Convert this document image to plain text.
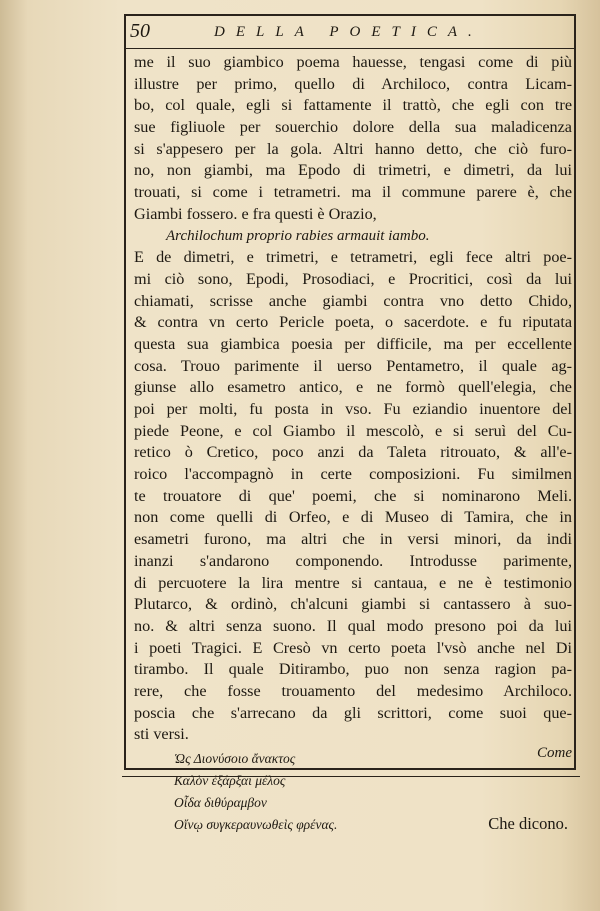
50	DELLA POETICA.
me il suo giambico poema hauesse, tengasi come di più
illustre per primo, quello di Archiloco, contra Licam-
bo, col quale, egli si fattamente il trattò, che egli con tre
sue figliuole per souerchio dolore della sua maladicenza
si s'appesero per la gola. Altri hanno detto, che ciò furo-
no, non giambi, ma Epodo di trimetri, e dimetri, da lui
trouati, si come i tetrametri. ma il commune parere è, che
Giambi fossero. e fra questi è Orazio,
Archilochum proprio rabies armauit iambo.
E de dimetri, e trimetri, e tetrametri, egli fece altri poe-
mi ciò sono, Epodi, Prosodiaci, e Procritici, così da lui
chiamati, scrisse anche giambi contra vno detto Chido,
& contra vn certo Pericle poeta, o sacerdote. e fu riputata
questa sua giambica poesia per difficile, ma per eccellente
cosa. Trouo parimente il uerso Pentametro, il quale ag-
giunse allo esametro antico, e ne formò quell'elegia, che
poi per molti, fu posta in vso. Fu eziandio inuentore del
piede Peone, e col Giambo il mescolò, e si seruì del Cu-
retico ò Cretico, poco anzi da Taleta ritrouato, & all'e-
roico l'accompagnò in certe composizioni. Fu similmen
te trouatore di que' poemi, che si nominarono Meli.
non come quelli di Orfeo, e di Museo di Tamira, che in
esametri furono, ma altri che in versi minori, da indi
inanzi s'andarono componendo. Introdusse parimente,
di percuotere la lira mentre si cantaua, e ne è testimonio
Plutarco, & ordinò, ch'alcuni giambi si cantassero à suo-
no. & altri senza suono. Il qual modo presono poi da lui
i poeti Tragici. E Cresò vn certo poeta l'vsò anche nel Di
tirambo. Il quale Ditirambo, puo non senza ragion pa-
rere, che fosse trouamento del medesimo Archiloco.
poscia che s'arrecano da gli scrittori, come suoi que-
sti versi.
Ὡς Διονύσοιο ἄνακτος
Καλὸν ἐξάρξαι μέλος
Οἶδα διθύραμβον
Οἴνῳ συγκεραυνωθεὶς φρένας.	Che dicono.
Come
